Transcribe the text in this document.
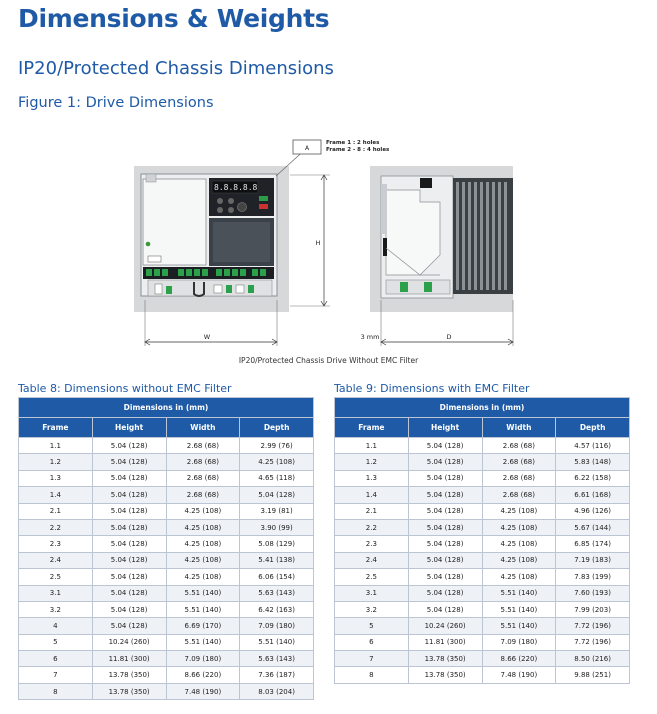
Dimensions & Weights
IP20/Protected Chassis Dimensions
Figure 1: Drive Dimensions
8.8.8.8.8
A
Frame 1 : 2 holes
Frame 2 - 8 : 4 holes
H
W	3 mm	D
IP20/Protected Chassis Drive Without EMC Filter
Table 8: Dimensions without EMC Filter
Dimensions in (mm)			
Frame	Height	Width	Depth
1.1	5.04 (128)	2.68 (68)	2.99 (76)
1.2	5.04 (128)	2.68 (68)	4.25 (108)
1.3	5.04 (128)	2.68 (68)	4.65 (118)
1.4	5.04 (128)	2.68 (68)	5.04 (128)
2.1	5.04 (128)	4.25 (108)	3.19 (81)
2.2	5.04 (128)	4.25 (108)	3.90 (99)
2.3	5.04 (128)	4.25 (108)	5.08 (129)
2.4	5.04 (128)	4.25 (108)	5.41 (138)
2.5	5.04 (128)	4.25 (108)	6.06 (154)
3.1	5.04 (128)	5.51 (140)	5.63 (143)
3.2	5.04 (128)	5.51 (140)	6.42 (163)
4	5.04 (128)	6.69 (170)	7.09 (180)
5	10.24 (260)	5.51 (140)	5.51 (140)
6	11.81 (300)	7.09 (180)	5.63 (143)
7	13.78 (350)	8.66 (220)	7.36 (187)
8	13.78 (350)	7.48 (190)	8.03 (204)
Table 9: Dimensions with EMC Filter
Dimensions in (mm)			
Frame	Height	Width	Depth
1.1	5.04 (128)	2.68 (68)	4.57 (116)
1.2	5.04 (128)	2.68 (68)	5.83 (148)
1.3	5.04 (128)	2.68 (68)	6.22 (158)
1.4	5.04 (128)	2.68 (68)	6.61 (168)
2.1	5.04 (128)	4.25 (108)	4.96 (126)
2.2	5.04 (128)	4.25 (108)	5.67 (144)
2.3	5.04 (128)	4.25 (108)	6.85 (174)
2.4	5.04 (128)	4.25 (108)	7.19 (183)
2.5	5.04 (128)	4.25 (108)	7.83 (199)
3.1	5.04 (128)	5.51 (140)	7.60 (193)
3.2	5.04 (128)	5.51 (140)	7.99 (203)
5	10.24 (260)	5.51 (140)	7.72 (196)
6	11.81 (300)	7.09 (180)	7.72 (196)
7	13.78 (350)	8.66 (220)	8.50 (216)
8	13.78 (350)	7.48 (190)	9.88 (251)
